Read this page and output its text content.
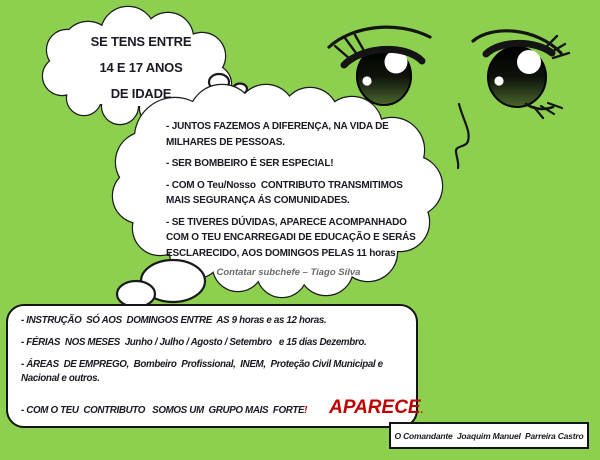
SE TENS ENTRE
14 E 17 ANOS
DE IDADE
- JUNTOS FAZEMOS A DIFERENÇA, NA VIDA DE
MILHARES DE PESSOAS.
- SER BOMBEIRO É SER ESPECIAL!
- COM O Teu/Nosso  CONTRIBUTO TRANSMITIMOS
MAIS SEGURANÇA ÁS COMUNIDADES.
- SE TIVERES DÚVIDAS, APARECE ACOMPANHADO
COM O TEU ENCARREGADI DE EDUCAÇÃO E SERÁS
ESCLARECIDO, AOS DOMINGOS PELAS 11 horas
Contatar subchefe – Tiago Silva
- INSTRUÇÃO  SÓ AOS  DOMINGOS ENTRE  AS 9 horas e as 12 horas.
- FÉRIAS  NOS MESES  Junho / Julho / Agosto / Setembro   e 15 dias Dezembro.
- ÁREAS  DE EMPREGO,  Bombeiro  Profissional,  INEM,  Proteção Civil Municipal e
Nacional e outros.
- COM O TEU  CONTRIBUTO   SOMOS UM  GRUPO MAIS  FORTE ! APARECE .
O Comandante  Joaquim Manuel  Parreira Castro
